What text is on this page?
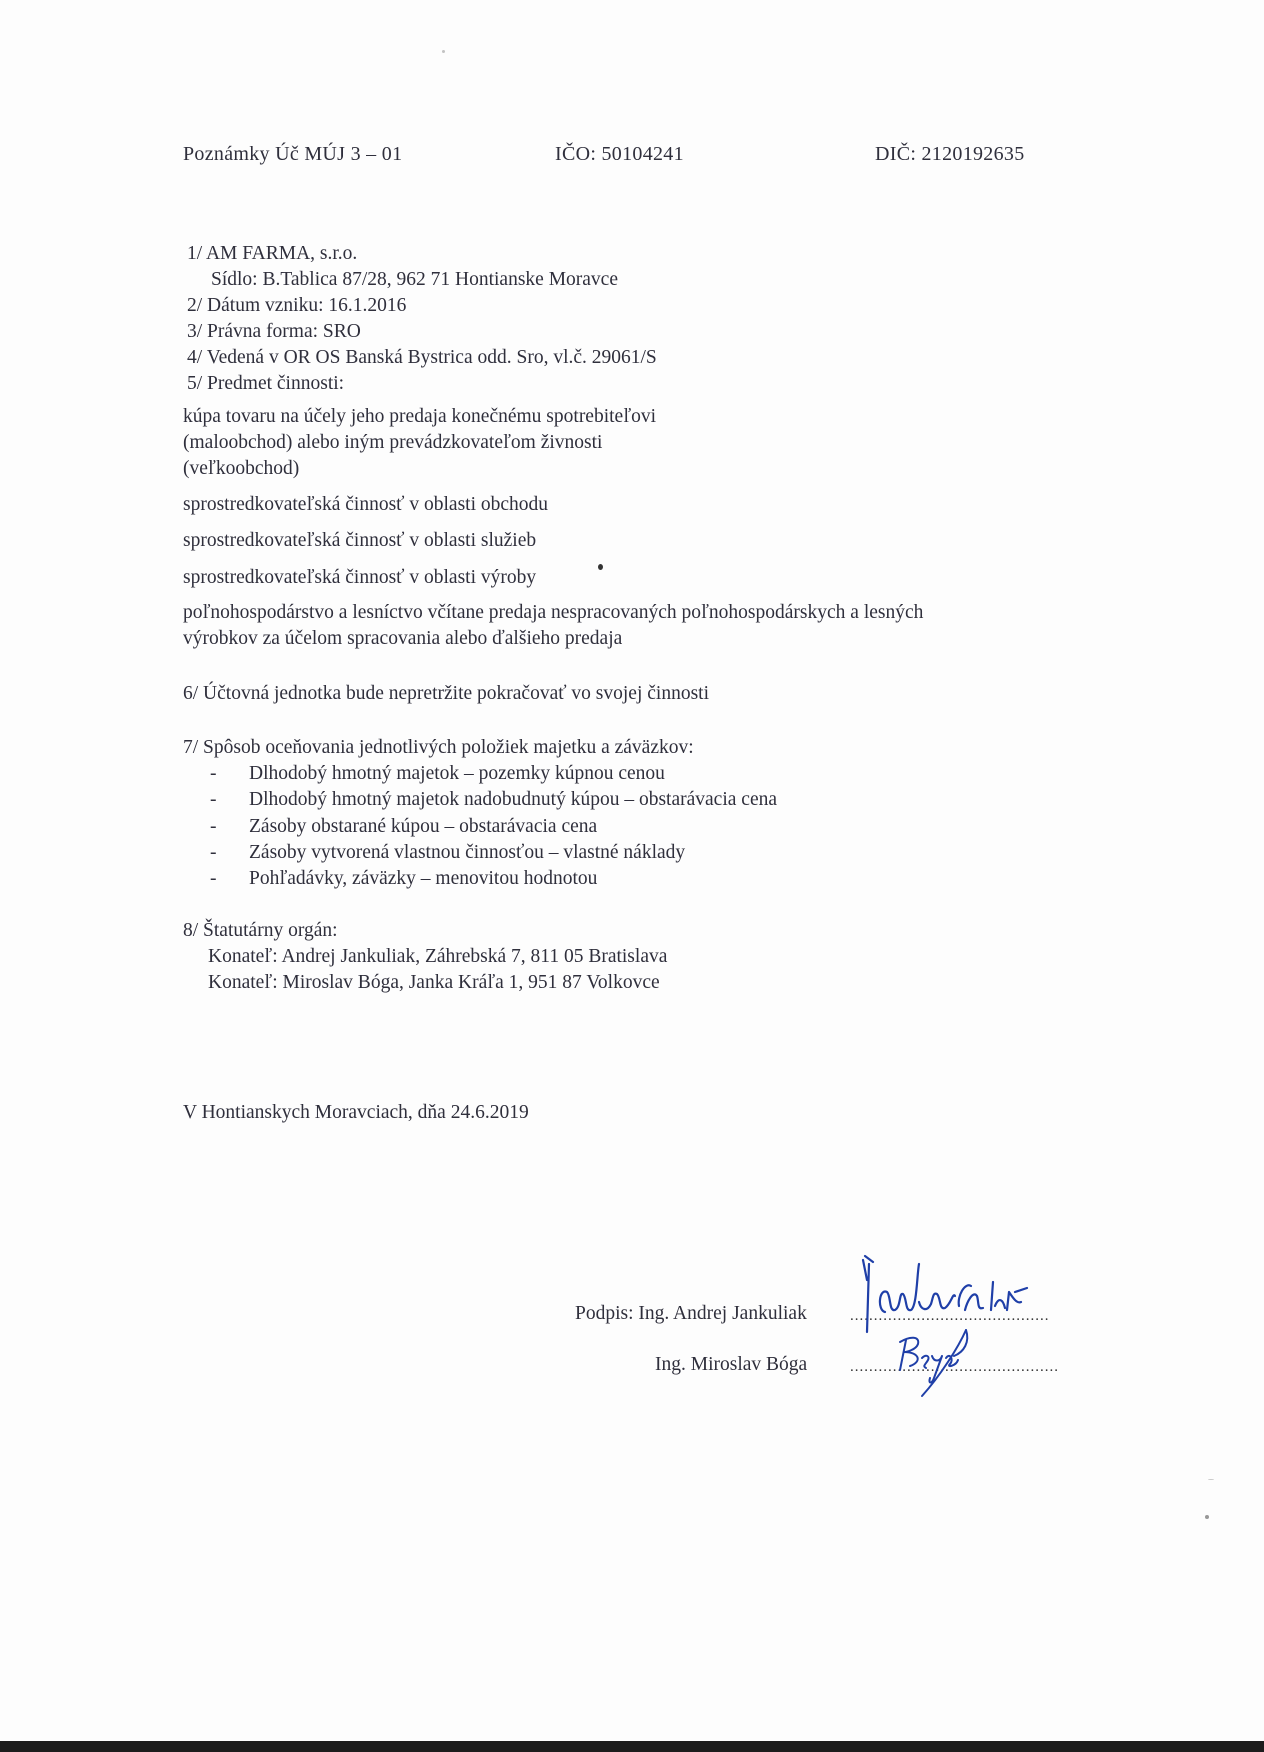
Poznámky Úč MÚJ 3 – 01	IČO: 50104241	DIČ: 2120192635
1/ AM FARMA, s.r.o.
Sídlo: B.Tablica 87/28, 962 71 Hontianske Moravce
2/ Dátum vzniku: 16.1.2016
3/ Právna forma: SRO
4/ Vedená v OR OS Banská Bystrica odd. Sro, vl.č. 29061/S
5/ Predmet činnosti:
kúpa tovaru na účely jeho predaja konečnému spotrebiteľovi
(maloobchod) alebo iným prevádzkovateľom živnosti
(veľkoobchod)
sprostredkovateľská činnosť v oblasti obchodu
sprostredkovateľská činnosť v oblasti služieb
sprostredkovateľská činnosť v oblasti výroby
poľnohospodárstvo a lesníctvo včítane predaja nespracovaných poľnohospodárskych a lesných
výrobkov za účelom spracovania alebo ďalšieho predaja
6/ Účtovná jednotka bude nepretržite pokračovať vo svojej činnosti
7/ Spôsob oceňovania jednotlivých položiek majetku a záväzkov:
- Dlhodobý hmotný majetok – pozemky kúpnou cenou
- Dlhodobý hmotný majetok nadobudnutý kúpou – obstarávacia cena
- Zásoby obstarané kúpou – obstarávacia cena
- Zásoby vytvorená vlastnou činnosťou – vlastné náklady
- Pohľadávky, záväzky – menovitou hodnotou
8/ Štatutárny orgán:
Konateľ: Andrej Jankuliak, Záhrebská 7, 811 05 Bratislava
Konateľ: Miroslav Bóga, Janka Kráľa 1, 951 87 Volkovce
V Hontianskych Moravciach, dňa 24.6.2019
Podpis: Ing. Andrej Jankuliak	..........................................
Ing. Miroslav Bóga	............................................
